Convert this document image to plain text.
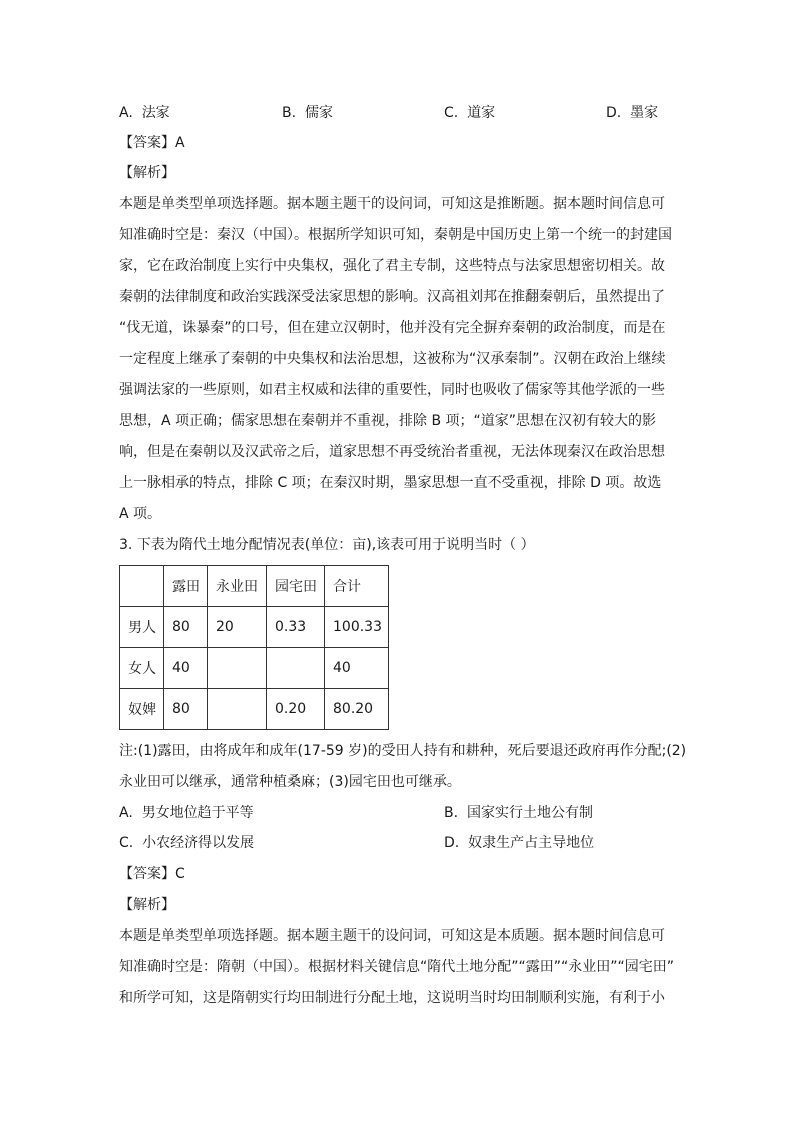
A. 法家	B. 儒家	C. 道家	D. 墨家
【答案】A
【解析】
本题是单类型单项选择题。据本题主题干的设问词，可知这是推断题。据本题时间信息可
知准确时空是：秦汉（中国）。根据所学知识可知，秦朝是中国历史上第一个统一的封建国
家，它在政治制度上实行中央集权，强化了君主专制，这些特点与法家思想密切相关。故
秦朝的法律制度和政治实践深受法家思想的影响。汉高祖刘邦在推翻秦朝后，虽然提出了
“伐无道，诛暴秦”的口号，但在建立汉朝时，他并没有完全摒弃秦朝的政治制度，而是在
一定程度上继承了秦朝的中央集权和法治思想，这被称为“汉承秦制”。汉朝在政治上继续
强调法家的一些原则，如君主权威和法律的重要性，同时也吸收了儒家等其他学派的一些
思想，A 项正确；儒家思想在秦朝并不重视，排除 B 项；“道家”思想在汉初有较大的影
响，但是在秦朝以及汉武帝之后，道家思想不再受统治者重视，无法体现秦汉在政治思想
上一脉相承的特点，排除 C 项；在秦汉时期，墨家思想一直不受重视，排除 D 项。故选
A 项。
3. 下表为隋代土地分配情况表(单位：亩),该表可用于说明当时（ ）
	露田	永业田	园宅田	合计
男人	80	20	0.33	100.33
女人	40			40
奴婢	80		0.20	80.20
注:(1)露田，由将成年和成年(17-59 岁)的受田人持有和耕种，死后要退还政府再作分配;(2)
永业田可以继承，通常种植桑麻；(3)园宅田也可继承。
A. 男女地位趋于平等	B. 国家实行土地公有制
C. 小农经济得以发展	D. 奴隶生产占主导地位
【答案】C
【解析】
本题是单类型单项选择题。据本题主题干的设问词，可知这是本质题。据本题时间信息可
知准确时空是：隋朝（中国）。根据材料关键信息“隋代土地分配”“露田”“永业田”“园宅田”
和所学可知，这是隋朝实行均田制进行分配土地，这说明当时均田制顺利实施，有利于小
